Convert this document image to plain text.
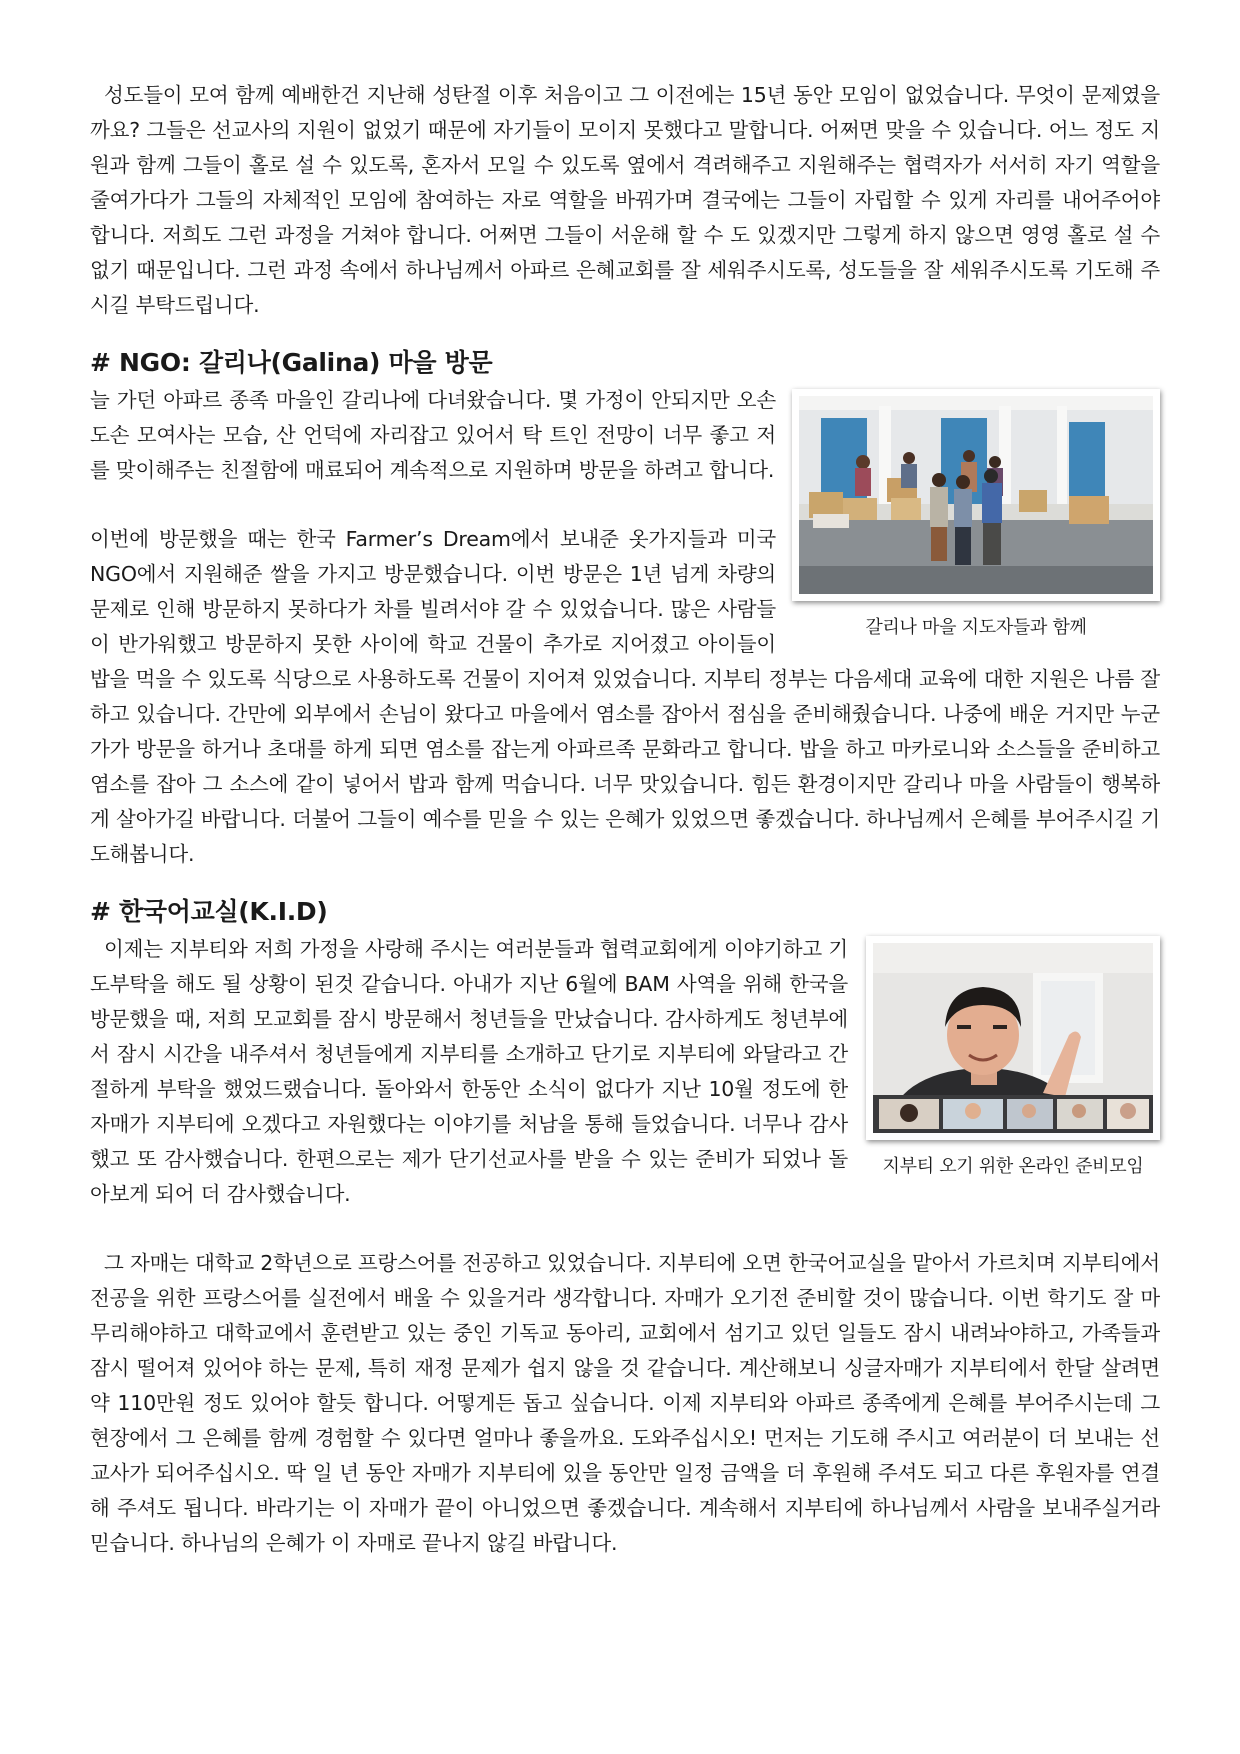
성도들이 모여 함께 예배한건 지난해 성탄절 이후 처음이고 그 이전에는 15년 동안 모임이 없었습니다. 무엇이 문제였을까요? 그들은 선교사의 지원이 없었기 때문에 자기들이 모이지 못했다고 말합니다. 어쩌면 맞을 수 있습니다. 어느 정도 지원과 함께 그들이 홀로 설 수 있도록, 혼자서 모일 수 있도록 옆에서 격려해주고 지원해주는 협력자가 서서히 자기 역할을 줄여가다가 그들의 자체적인 모임에 참여하는 자로 역할을 바꿔가며 결국에는 그들이 자립할 수 있게 자리를 내어주어야 합니다. 저희도 그런 과정을 거쳐야 합니다. 어쩌면 그들이 서운해 할 수 도 있겠지만 그렇게 하지 않으면 영영 홀로 설 수 없기 때문입니다. 그런 과정 속에서 하나님께서 아파르 은혜교회를 잘 세워주시도록, 성도들을 잘 세워주시도록 기도해 주시길 부탁드립니다.

# NGO: 갈리나(Galina) 마을 방문
갈리나 마을 지도자들과 함께

늘 가던 아파르 종족 마을인 갈리나에 다녀왔습니다. 몇 가정이 안되지만 오손도손 모여사는 모습, 산 언덕에 자리잡고 있어서 탁 트인 전망이 너무 좋고 저를 맞이해주는 친절함에 매료되어 계속적으로 지원하며 방문을 하려고 합니다.

이번에 방문했을 때는 한국 Farmer’s Dream에서 보내준 옷가지들과 미국 NGO에서 지원해준 쌀을 가지고 방문했습니다. 이번 방문은 1년 넘게 차량의 문제로 인해 방문하지 못하다가 차를 빌려서야 갈 수 있었습니다. 많은 사람들이 반가워했고 방문하지 못한 사이에 학교 건물이 추가로 지어졌고 아이들이 밥을 먹을 수 있도록 식당으로 사용하도록 건물이 지어져 있었습니다. 지부티 정부는 다음세대 교육에 대한 지원은 나름 잘 하고 있습니다. 간만에 외부에서 손님이 왔다고 마을에서 염소를 잡아서 점심을 준비해줬습니다. 나중에 배운 거지만 누군가가 방문을 하거나 초대를 하게 되면 염소를 잡는게 아파르족 문화라고 합니다. 밥을 하고 마카로니와 소스들을 준비하고 염소를 잡아 그 소스에 같이 넣어서 밥과 함께 먹습니다. 너무 맛있습니다. 힘든 환경이지만 갈리나 마을 사람들이 행복하게 살아가길 바랍니다. 더불어 그들이 예수를 믿을 수 있는 은혜가 있었으면 좋겠습니다. 하나님께서 은혜를 부어주시길 기도해봅니다.

# 한국어교실(K.I.D)
지부티 오기 위한 온라인 준비모임

이제는 지부티와 저희 가정을 사랑해 주시는 여러분들과 협력교회에게 이야기하고 기도부탁을 해도 될 상황이 된것 같습니다. 아내가 지난 6월에 BAM 사역을 위해 한국을 방문했을 때, 저희 모교회를 잠시 방문해서 청년들을 만났습니다. 감사하게도 청년부에서 잠시 시간을 내주셔서 청년들에게 지부티를 소개하고 단기로 지부티에 와달라고 간절하게 부탁을 했었드랬습니다. 돌아와서 한동안 소식이 없다가 지난 10월 정도에 한 자매가 지부티에 오겠다고 자원했다는 이야기를 처남을 통해 들었습니다. 너무나 감사했고 또 감사했습니다. 한편으로는 제가 단기선교사를 받을 수 있는 준비가 되었나 돌아보게 되어 더 감사했습니다.

그 자매는 대학교 2학년으로 프랑스어를 전공하고 있었습니다. 지부티에 오면 한국어교실을 맡아서 가르치며 지부티에서 전공을 위한 프랑스어를 실전에서 배울 수 있을거라 생각합니다. 자매가 오기전 준비할 것이 많습니다. 이번 학기도 잘 마무리해야하고 대학교에서 훈련받고 있는 중인 기독교 동아리, 교회에서 섬기고 있던 일들도 잠시 내려놔야하고, 가족들과 잠시 떨어져 있어야 하는 문제, 특히 재정 문제가 쉽지 않을 것 같습니다. 계산해보니 싱글자매가 지부티에서 한달 살려면 약 110만원 정도 있어야 할듯 합니다. 어떻게든 돕고 싶습니다. 이제 지부티와 아파르 종족에게 은혜를 부어주시는데 그 현장에서 그 은혜를 함께 경험할 수 있다면 얼마나 좋을까요. 도와주십시오! 먼저는 기도해 주시고 여러분이 더 보내는 선교사가 되어주십시오. 딱 일 년 동안 자매가 지부티에 있을 동안만 일정 금액을 더 후원해 주셔도 되고 다른 후원자를 연결해 주셔도 됩니다. 바라기는 이 자매가 끝이 아니었으면 좋겠습니다. 계속해서 지부티에 하나님께서 사람을 보내주실거라 믿습니다. 하나님의 은혜가 이 자매로 끝나지 않길 바랍니다.
